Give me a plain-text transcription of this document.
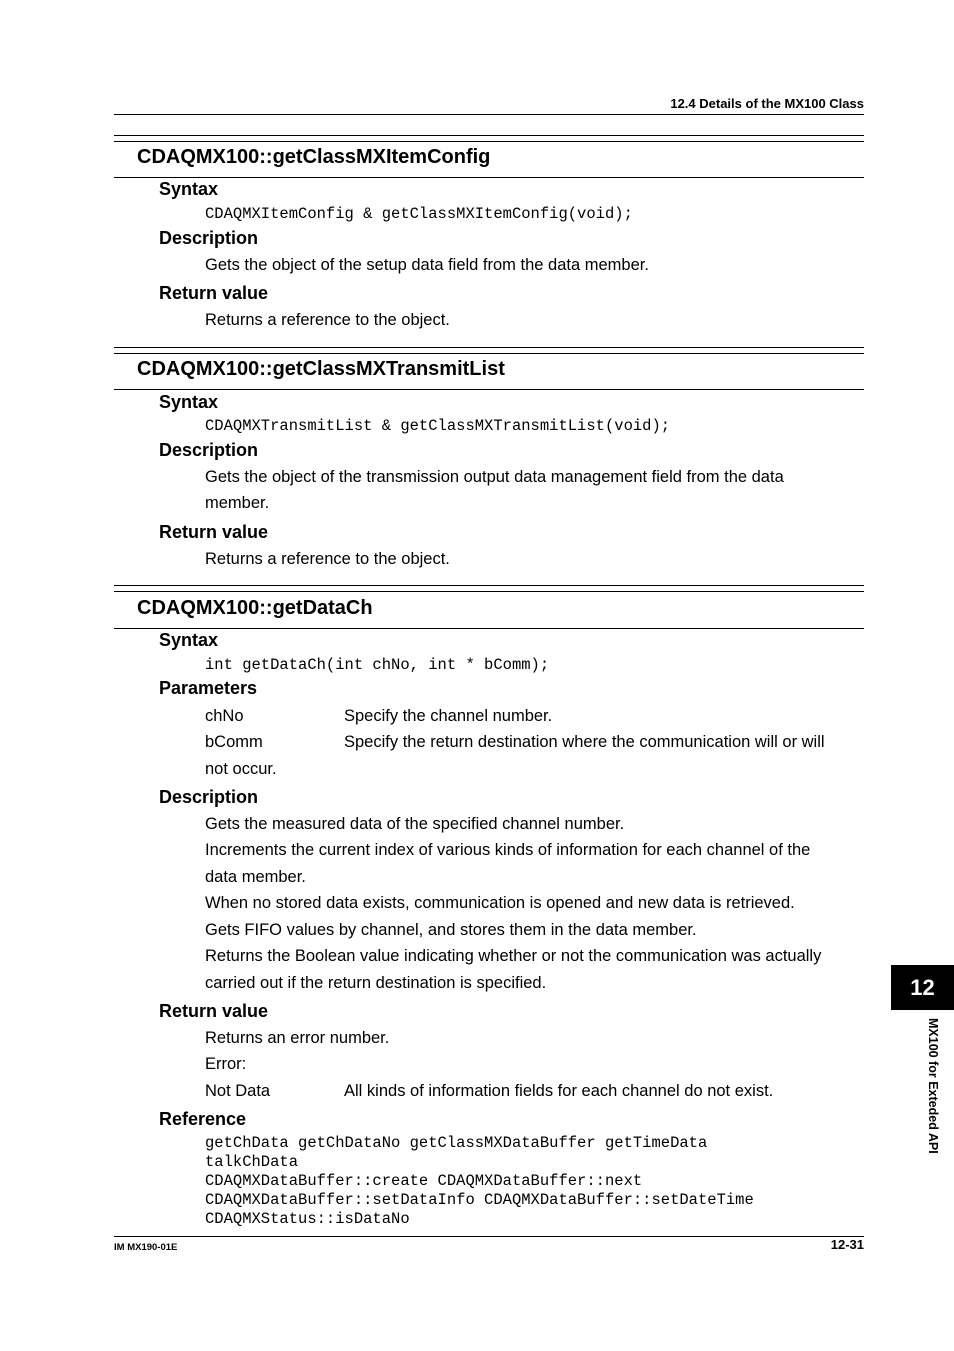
12.4 Details of the MX100 Class
CDAQMX100::getClassMXItemConfig
Syntax
CDAQMXItemConfig & getClassMXItemConfig(void);
Description
Gets the object of the setup data field from the data member.
Return value
Returns a reference to the object.
CDAQMX100::getClassMXTransmitList
Syntax
CDAQMXTransmitList & getClassMXTransmitList(void);
Description
Gets the object of the transmission output data management field from the data
member.
Return value
Returns a reference to the object.
CDAQMX100::getDataCh
Syntax
int getDataCh(int chNo, int * bComm);
Parameters
chNo	Specify the channel number.
bComm	Specify the return destination where the communication will or will
not occur.
Description
Gets the measured data of the specified channel number.
Increments the current index of various kinds of information for each channel of the
data member.
When no stored data exists, communication is opened and new data is retrieved.
Gets FIFO values by channel, and stores them in the data member.
Returns the Boolean value indicating whether or not the communication was actually
carried out if the return destination is specified.
Return value
Returns an error number.
Error:
Not Data	All kinds of information fields for each channel do not exist.
Reference
getChData getChDataNo getClassMXDataBuffer getTimeData
talkChData
CDAQMXDataBuffer::create CDAQMXDataBuffer::next
CDAQMXDataBuffer::setDataInfo CDAQMXDataBuffer::setDateTime
CDAQMXStatus::isDataNo
12
MX100 for Exteded API
IM MX190-01E	12-31
